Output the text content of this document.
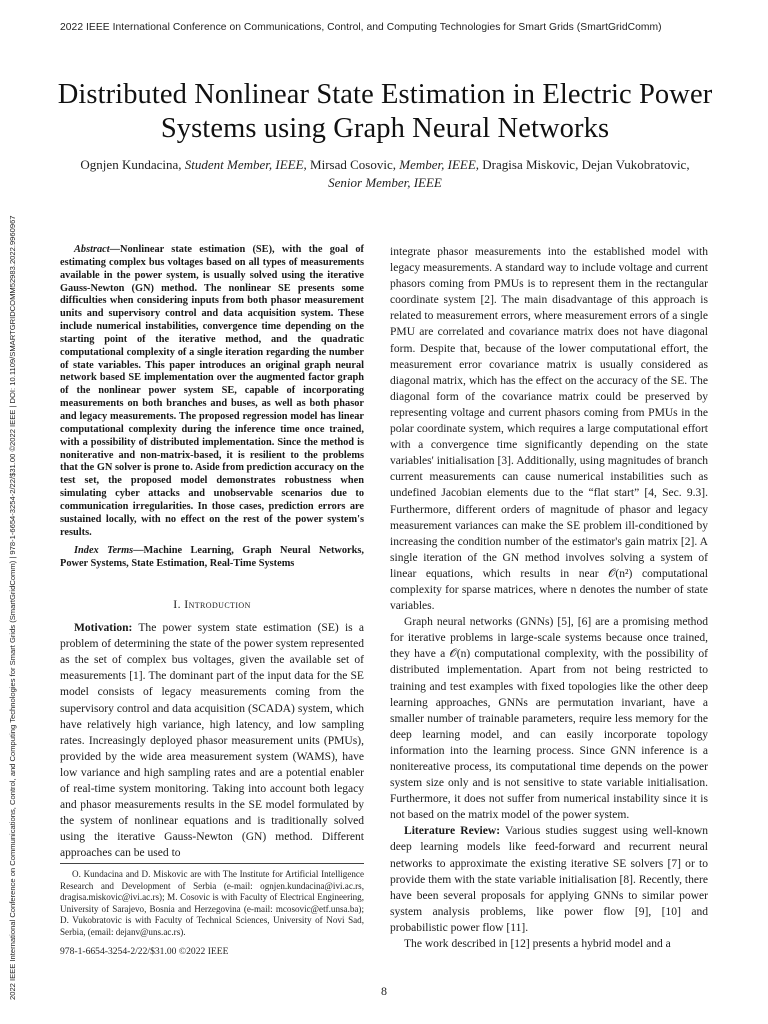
2022 IEEE International Conference on Communications, Control, and Computing Technologies for Smart Grids (SmartGridComm)
2022 IEEE International Conference on Communications, Control, and Computing Technologies for Smart Grids (SmartGridComm) | 978-1-6654-3254-2/22/$31.00 ©2022 IEEE | DOI: 10.1109/SMARTGRIDCOMM52983.2022.9960967
Distributed Nonlinear State Estimation in Electric Power Systems using Graph Neural Networks
Ognjen Kundacina, Student Member, IEEE, Mirsad Cosovic, Member, IEEE, Dragisa Miskovic, Dejan Vukobratovic, Senior Member, IEEE

Abstract—Nonlinear state estimation (SE), with the goal of estimating complex bus voltages based on all types of measurements available in the power system, is usually solved using the iterative Gauss-Newton (GN) method. The nonlinear SE presents some difficulties when considering inputs from both phasor measurement units and supervisory control and data acquisition system. These include numerical instabilities, convergence time depending on the starting point of the iterative method, and the quadratic computational complexity of a single iteration regarding the number of state variables. This paper introduces an original graph neural network based SE implementation over the augmented factor graph of the nonlinear power system SE, capable of incorporating measurements on both branches and buses, as well as both phasor and legacy measurements. The proposed regression model has linear computational complexity during the inference time once trained, with a possibility of distributed implementation. Since the method is noniterative and non-matrix-based, it is resilient to the problems that the GN solver is prone to. Aside from prediction accuracy on the test set, the proposed model demonstrates robustness when simulating cyber attacks and unobservable scenarios due to communication irregularities. In those cases, prediction errors are sustained locally, with no effect on the rest of the power system's results.

Index Terms—Machine Learning, Graph Neural Networks, Power Systems, State Estimation, Real-Time Systems

I. Introduction

Motivation: The power system state estimation (SE) is a problem of determining the state of the power system represented as the set of complex bus voltages, given the available set of measurements [1]. The dominant part of the input data for the SE model consists of legacy measurements coming from the supervisory control and data acquisition (SCADA) system, which have relatively high variance, high latency, and low sampling rates. Increasingly deployed phasor measurement units (PMUs), provided by the wide area measurement system (WAMS), have low variance and high sampling rates and are a potential enabler of real-time system monitoring. Taking into account both legacy and phasor measurements results in the SE model formulated by the system of nonlinear equations and is traditionally solved using the iterative Gauss-Newton (GN) method. Different approaches can be used to

integrate phasor measurements into the established model with legacy measurements. A standard way to include voltage and current phasors coming from PMUs is to represent them in the rectangular coordinate system [2]. The main disadvantage of this approach is related to measurement errors, where measurement errors of a single PMU are correlated and covariance matrix does not have diagonal form. Despite that, because of the lower computational effort, the measurement error covariance matrix is usually considered as diagonal matrix, which has the effect on the accuracy of the SE. The diagonal form of the covariance matrix could be preserved by representing voltage and current phasors coming from PMUs in the polar coordinate system, which requires a large computational effort with a convergence time significantly depending on the state variables' initialisation [3]. Additionally, using magnitudes of branch current measurements can cause numerical instabilities such as undefined Jacobian elements due to the “flat start” [4, Sec. 9.3]. Furthermore, different orders of magnitude of phasor and legacy measurement variances can make the SE problem ill-conditioned by increasing the condition number of the estimator's gain matrix [2]. A single iteration of the GN method involves solving a system of linear equations, which results in near 𝒪(n²) computational complexity for sparse matrices, where n denotes the number of state variables.

Graph neural networks (GNNs) [5], [6] are a promising method for iterative problems in large-scale systems because once trained, they have a 𝒪(n) computational complexity, with the possibility of distributed implementation. Apart from not being restricted to training and test examples with fixed topologies like the other deep learning approaches, GNNs are permutation invariant, have a smaller number of trainable parameters, require less memory for the deep learning model, and can easily incorporate topology information into the learning process. Since GNN inference is a nonitereative process, its computational time depends on the power system size only and is not sensitive to state variable initialisation. Furthermore, it does not suffer from numerical instability since it is not based on the matrix model of the power system.

Literature Review: Various studies suggest using well-known deep learning models like feed-forward and recurrent neural networks to approximate the existing iterative SE solvers [7] or to provide them with the state variable initialisation [8]. Recently, there have been several proposals for applying GNNs to similar power system analysis problems, like power flow [9], [10] and probabilistic power flow [11].

The work described in [12] presents a hybrid model and a

O. Kundacina and D. Miskovic are with The Institute for Artificial Intelligence Research and Development of Serbia (e-mail: ognjen.kundacina@ivi.ac.rs, dragisa.miskovic@ivi.ac.rs); M. Cosovic is with Faculty of Electrical Engineering, University of Sarajevo, Bosnia and Herzegovina (e-mail: mcosovic@etf.unsa.ba); D. Vukobratovic is with Faculty of Technical Sciences, University of Novi Sad, Serbia, (email: dejanv@uns.ac.rs).

978-1-6654-3254-2/22/$31.00 ©2022 IEEE
8
